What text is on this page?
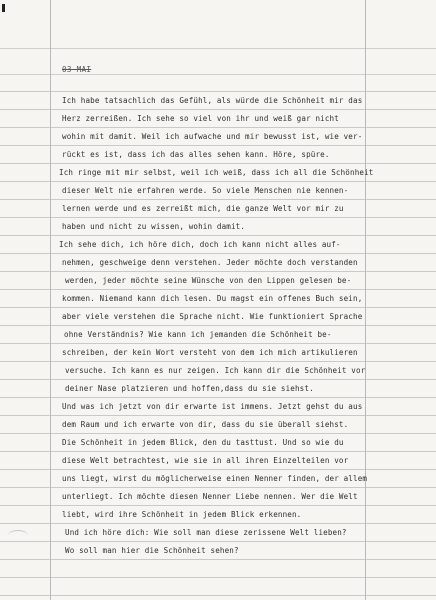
03 MAI
Ich habe tatsachlich das Gefühl, als würde die Schönheit mir das
Herz zerreißen. Ich sehe so viel von ihr und weiß gar nicht
wohin mit damit. Weil ich aufwache und mir bewusst ist, wie ver-
rückt es ist, dass ich das alles sehen kann. Höre, spüre.
Ich ringe mit mir selbst, weil ich weiß, dass ich all die Schönheit
dieser Welt nie erfahren werde. So viele Menschen nie kennen-
lernen werde und es zerreißt mich, die ganze Welt vor mir zu
haben und nicht zu wissen, wohin damit.
Ich sehe dich, ich höre dich, doch ich kann nicht alles auf-
nehmen, geschweige denn verstehen. Jeder möchte doch verstanden
werden, jeder möchte seine Wünsche von den Lippen gelesen be-
kommen. Niemand kann dich lesen. Du magst ein offenes Buch sein,
aber viele verstehen die Sprache nicht. Wie funktioniert Sprache
ohne Verständnis? Wie kann ich jemanden die Schönheit be-
schreiben, der kein Wort versteht von dem ich mich artikulieren
versuche. Ich kann es nur zeigen. Ich kann dir die Schönheit vor
deiner Nase platzieren und hoffen,dass du sie siehst.
Und was ich jetzt von dir erwarte ist immens. Jetzt gehst du aus
dem Raum und ich erwarte von dir, dass du sie überall siehst.
Die Schönheit in jedem Blick, den du tasttust. Und so wie du
diese Welt betrachtest, wie sie in all ihren Einzelteilen vor
uns liegt, wirst du möglicherweise einen Nenner finden, der allem
unterliegt. Ich möchte diesen Nenner Liebe nennen. Wer die Welt
liebt, wird ihre Schönheit in jedem Blick erkennen.
Und ich höre dich: Wie soll man diese zerissene Welt lieben?
Wo soll man hier die Schönheit sehen?
